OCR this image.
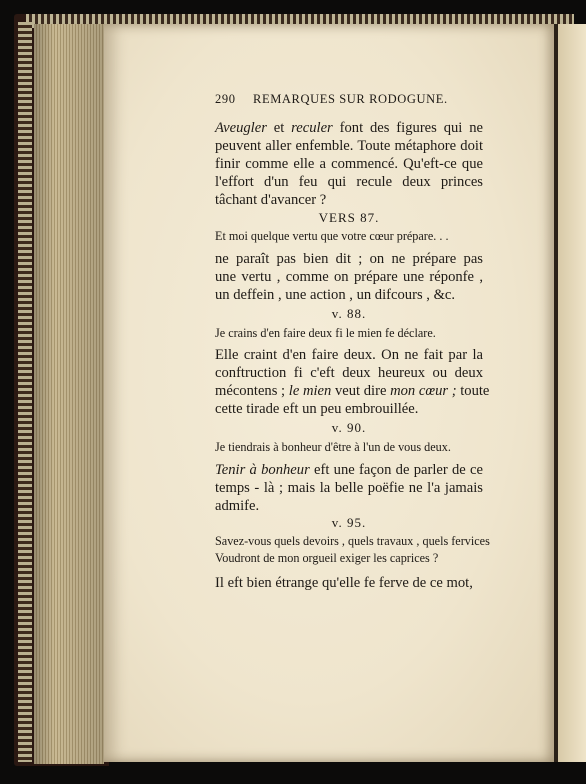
290 REMARQUES SUR RODOGUNE.
Aveugler et reculer font des figures qui ne
peuvent aller enfemble. Toute métaphore doit
finir comme elle a commencé. Qu'eft-ce que
l'effort d'un feu qui recule deux princes
tâchant d'avancer ?
VERS 87.
Et moi quelque vertu que votre cœur prépare. . .
ne paraît pas bien dit ; on ne prépare pas
une vertu , comme on prépare une réponfe ,
un deffein , une action , un difcours , &c.
v. 88.
Je crains d'en faire deux fi le mien fe déclare.
Elle craint d'en faire deux. On ne fait par la
conftruction fi c'eft deux heureux ou deux
mécontens ; le mien veut dire mon cœur ; toute
cette tirade eft un peu embrouillée.
v. 90.
Je tiendrais à bonheur d'être à l'un de vous deux.
Tenir à bonheur eft une façon de parler de ce
temps - là ; mais la belle poëfie ne l'a jamais
admife.
v. 95.
Savez-vous quels devoirs , quels travaux , quels fervices
Voudront de mon orgueil exiger les caprices ?
Il eft bien étrange qu'elle fe ferve de ce mot,
